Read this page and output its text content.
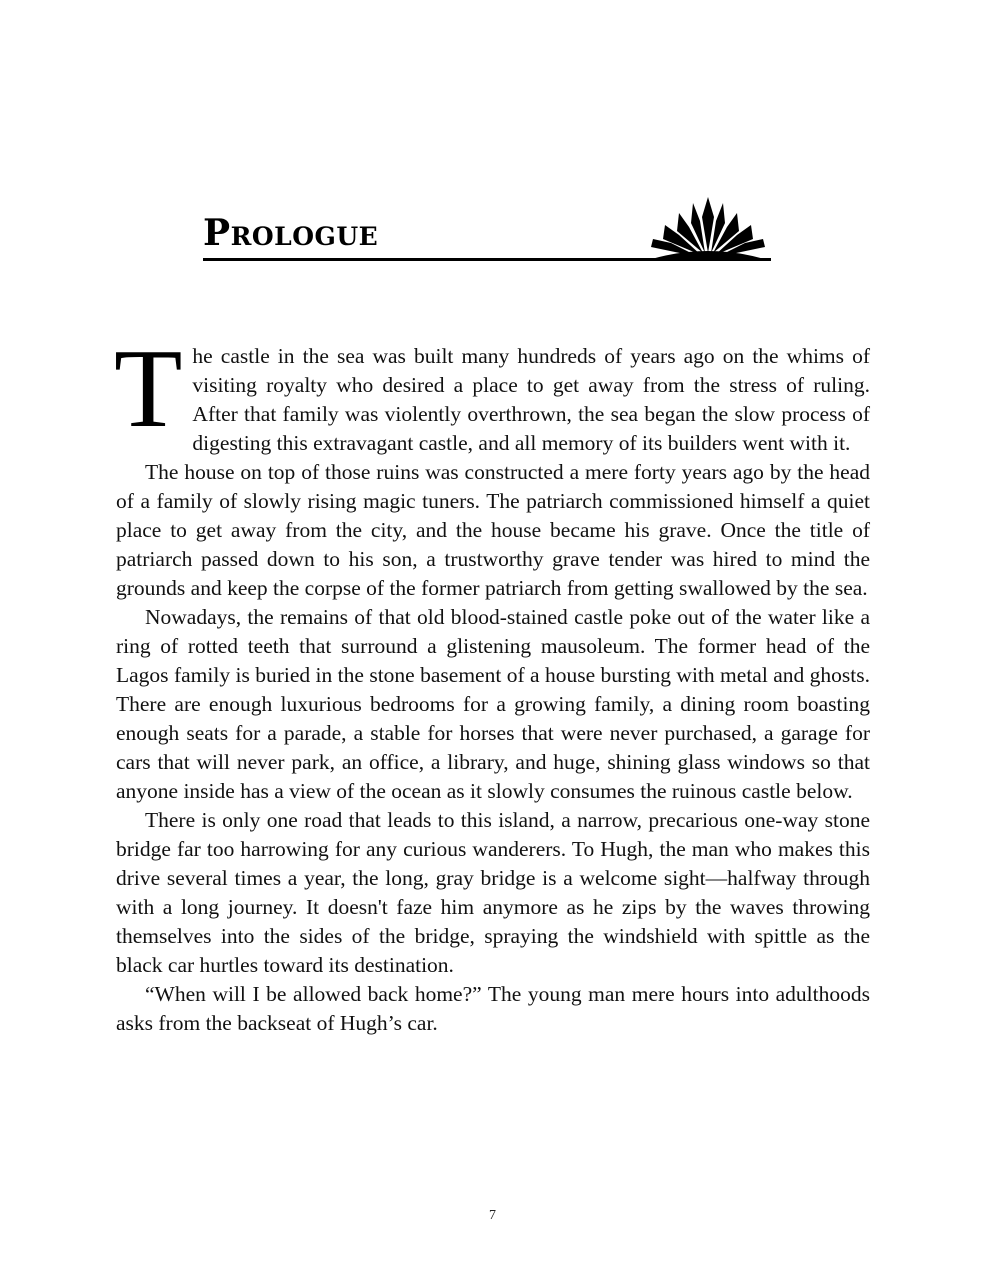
Prologue

The castle in the sea was built many hundreds of years ago on the whims of visiting royalty who desired a place to get away from the stress of ruling. After that family was violently overthrown, the sea began the slow process of digesting this extravagant castle, and all memory of its builders went with it.

The house on top of those ruins was constructed a mere forty years ago by the head of a family of slowly rising magic tuners. The patriarch commissioned himself a quiet place to get away from the city, and the house became his grave. Once the title of patriarch passed down to his son, a trustworthy grave tender was hired to mind the grounds and keep the corpse of the former patriarch from getting swallowed by the sea.

Nowadays, the remains of that old blood-stained castle poke out of the water like a ring of rotted teeth that surround a glistening mausoleum. The former head of the Lagos family is buried in the stone basement of a house bursting with metal and ghosts. There are enough luxurious bedrooms for a growing family, a dining room boasting enough seats for a parade, a stable for horses that were never purchased, a garage for cars that will never park, an office, a library, and huge, shining glass windows so that anyone inside has a view of the ocean as it slowly consumes the ruinous castle below.

There is only one road that leads to this island, a narrow, precarious one-way stone bridge far too harrowing for any curious wanderers. To Hugh, the man who makes this drive several times a year, the long, gray bridge is a welcome sight—halfway through with a long journey. It doesn't faze him anymore as he zips by the waves throwing themselves into the sides of the bridge, spraying the windshield with spittle as the black car hurtles toward its destination.

“When will I be allowed back home?” The young man mere hours into adulthoods asks from the backseat of Hugh’s car.

7
